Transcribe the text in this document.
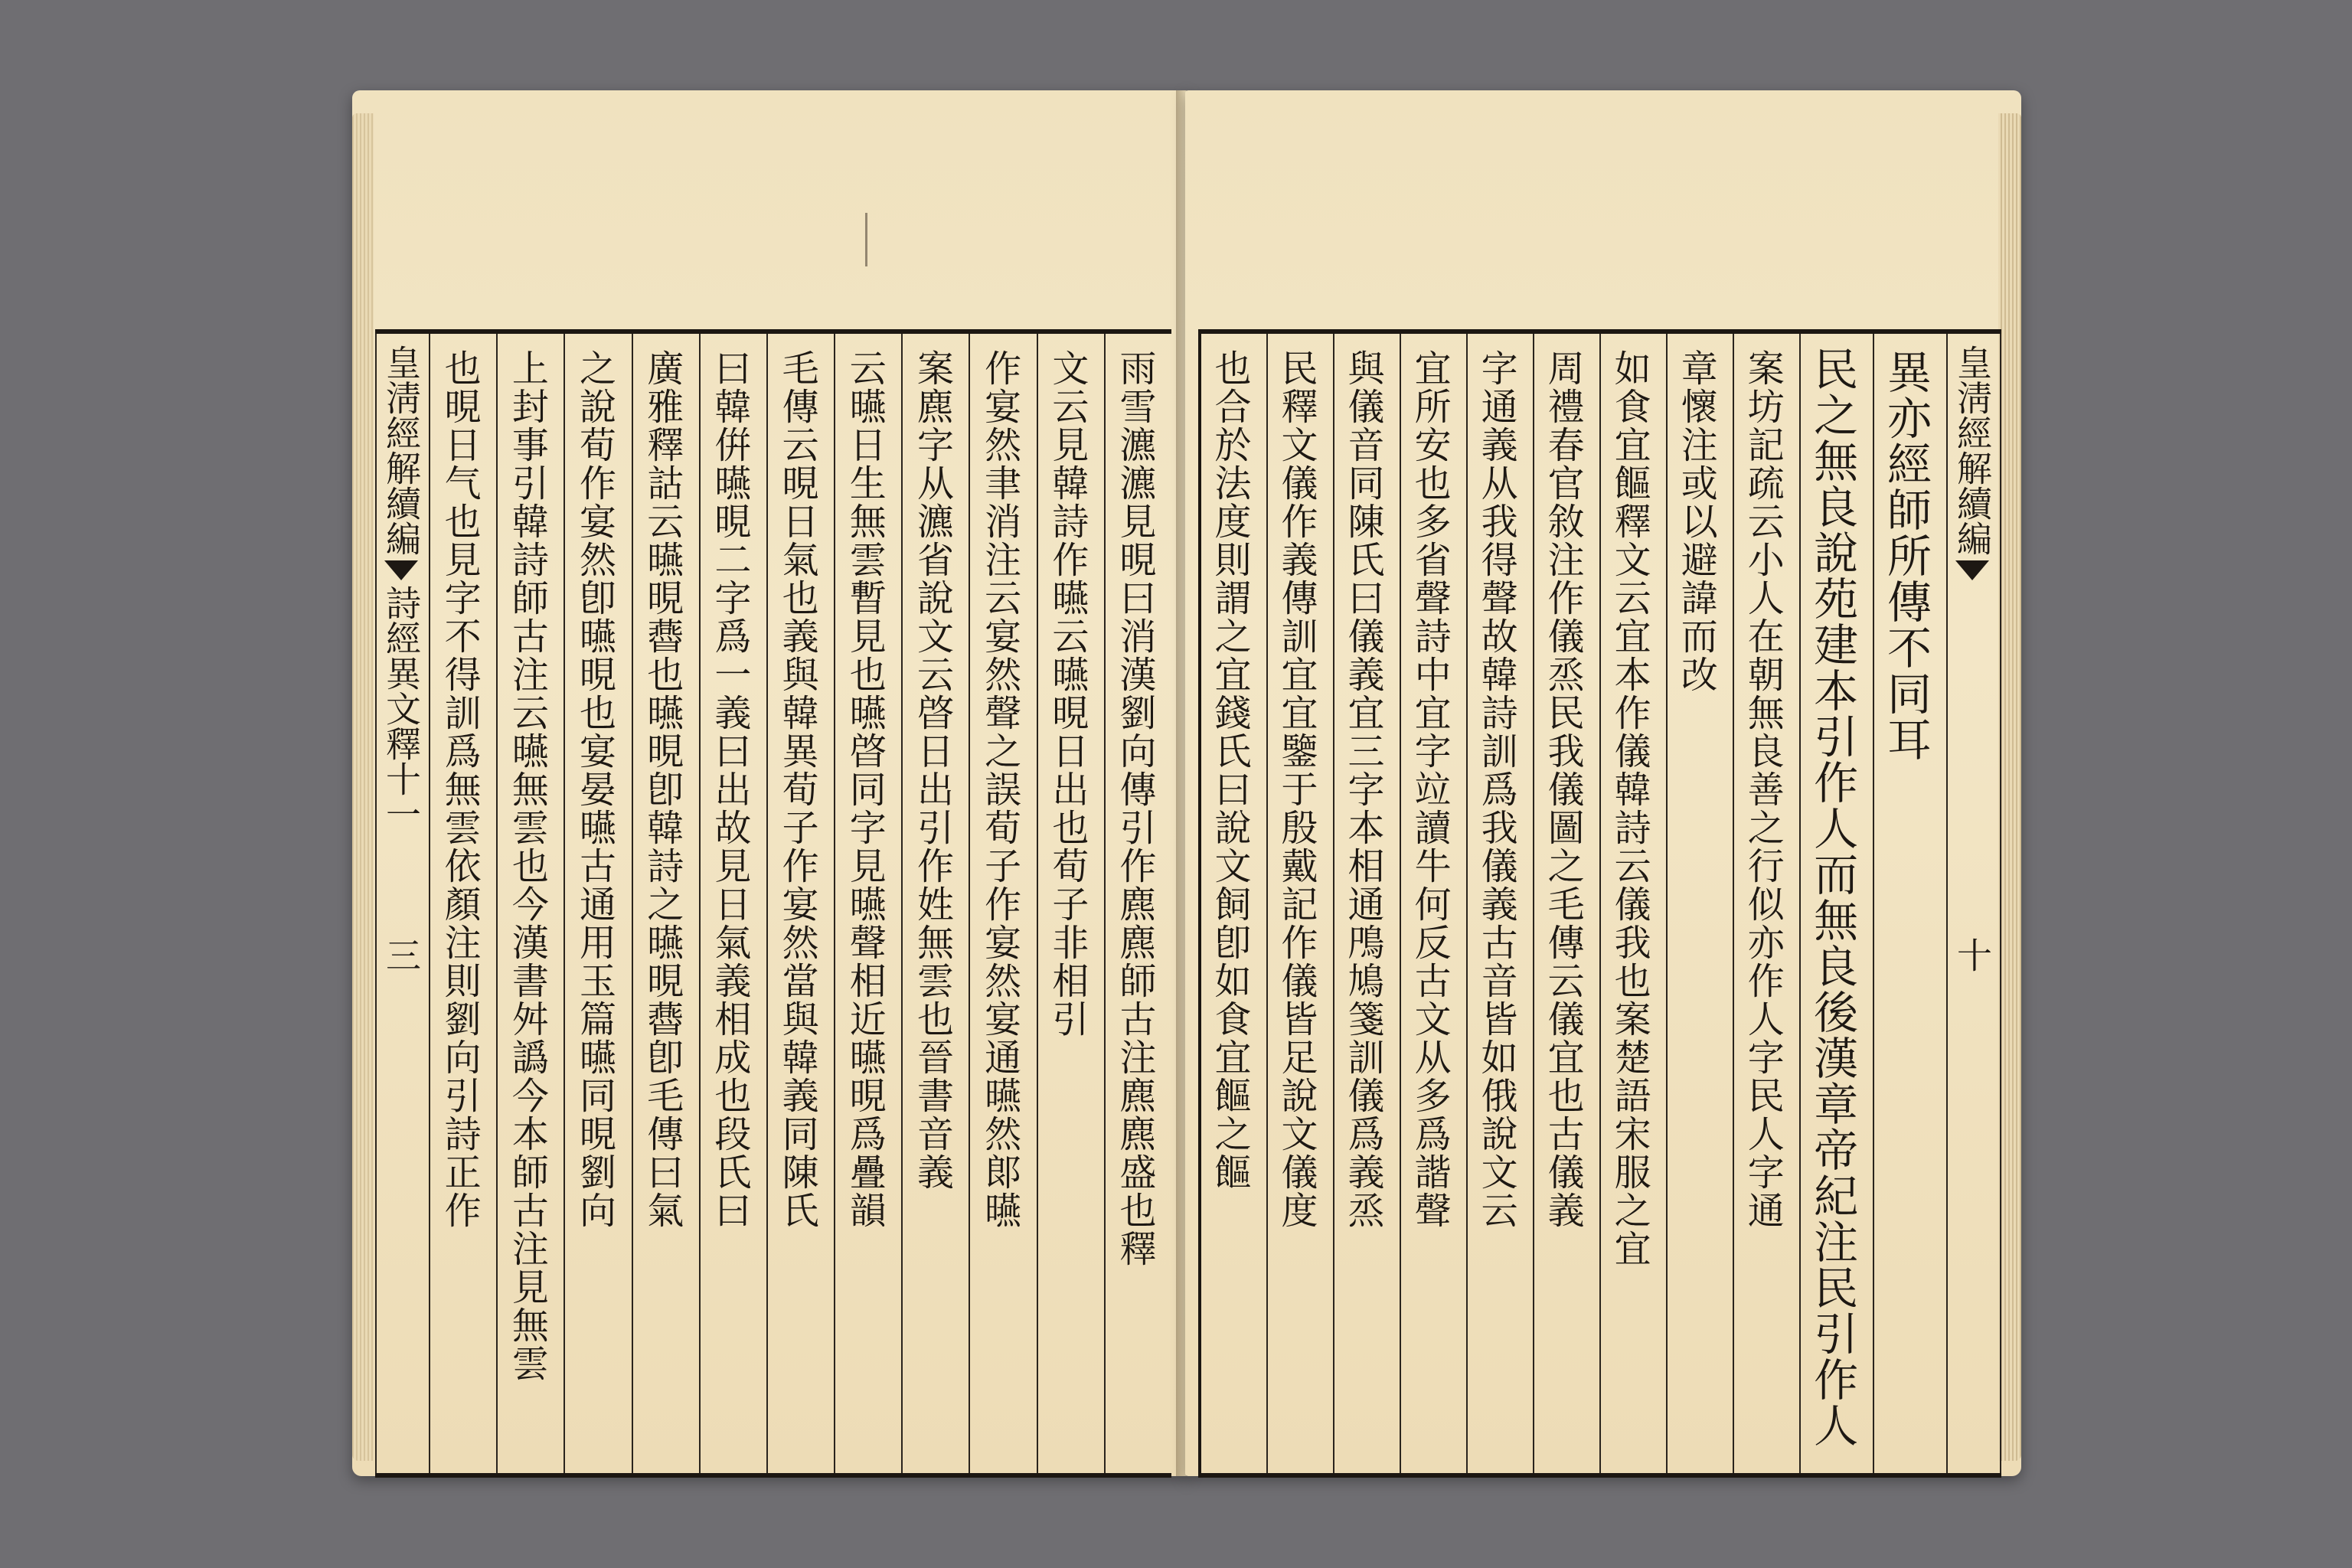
雨雪瀌瀌見晛曰消漢劉向傳引作麃麃師古注麃麃盛也釋
文云見韓詩作曣云曣晛日出也荀子非相引
作宴然聿消注云宴然聲之誤荀子作宴然宴通曣然郞曣
案麃字从瀌省說文云晵日出引作姓無雲也晉書音義
云曣日生無雲暫見也曣晵同字見曣聲相近曣晛爲疊韻
毛傳云晛日氣也義與韓異荀子作宴然當與韓義同陳氏
曰韓倂曣晛二字爲一義曰出故見日氣義相成也段氏曰
廣雅釋詁云曣晛㬫也曣晛卽韓詩之曣晛㬫卽毛傳曰氣
之說荀作宴然卽曣晛也宴晏曣古通用玉篇曣同晛劉向
上封事引韓詩師古注云曣無雲也今漢書舛譌今本師古注見無雲
也晛日气也見字不得訓爲無雲依顏注則劉向引詩正作
皇淸經解續編詩經異文釋十一　　　三
異亦經師所傳不同耳
民之無良說苑建本引作人而無良後漢章帝紀注民引作人
案坊記疏云小人在朝無良善之行似亦作人字民人字通
章懷注或以避諱而改
如食宜饇釋文云宜本作儀韓詩云儀我也案楚語宋服之宜
周禮春官敘注作儀烝民我儀圖之毛傳云儀宜也古儀義
字通義从我得聲故韓詩訓爲我儀義古音皆如俄說文云
宜所安也多省聲詩中宜字竝讀牛何反古文从多爲諧聲
與儀音同陳氏曰儀義宜三字本相通鳲鳩箋訓儀爲義烝
民釋文儀作義傳訓宜宜鑒于殷戴記作儀皆足說文儀度
也合於法度則謂之宜錢氏曰說文飼卽如食宜饇之饇	皇淸經解續編　　　　　　　　　　十
